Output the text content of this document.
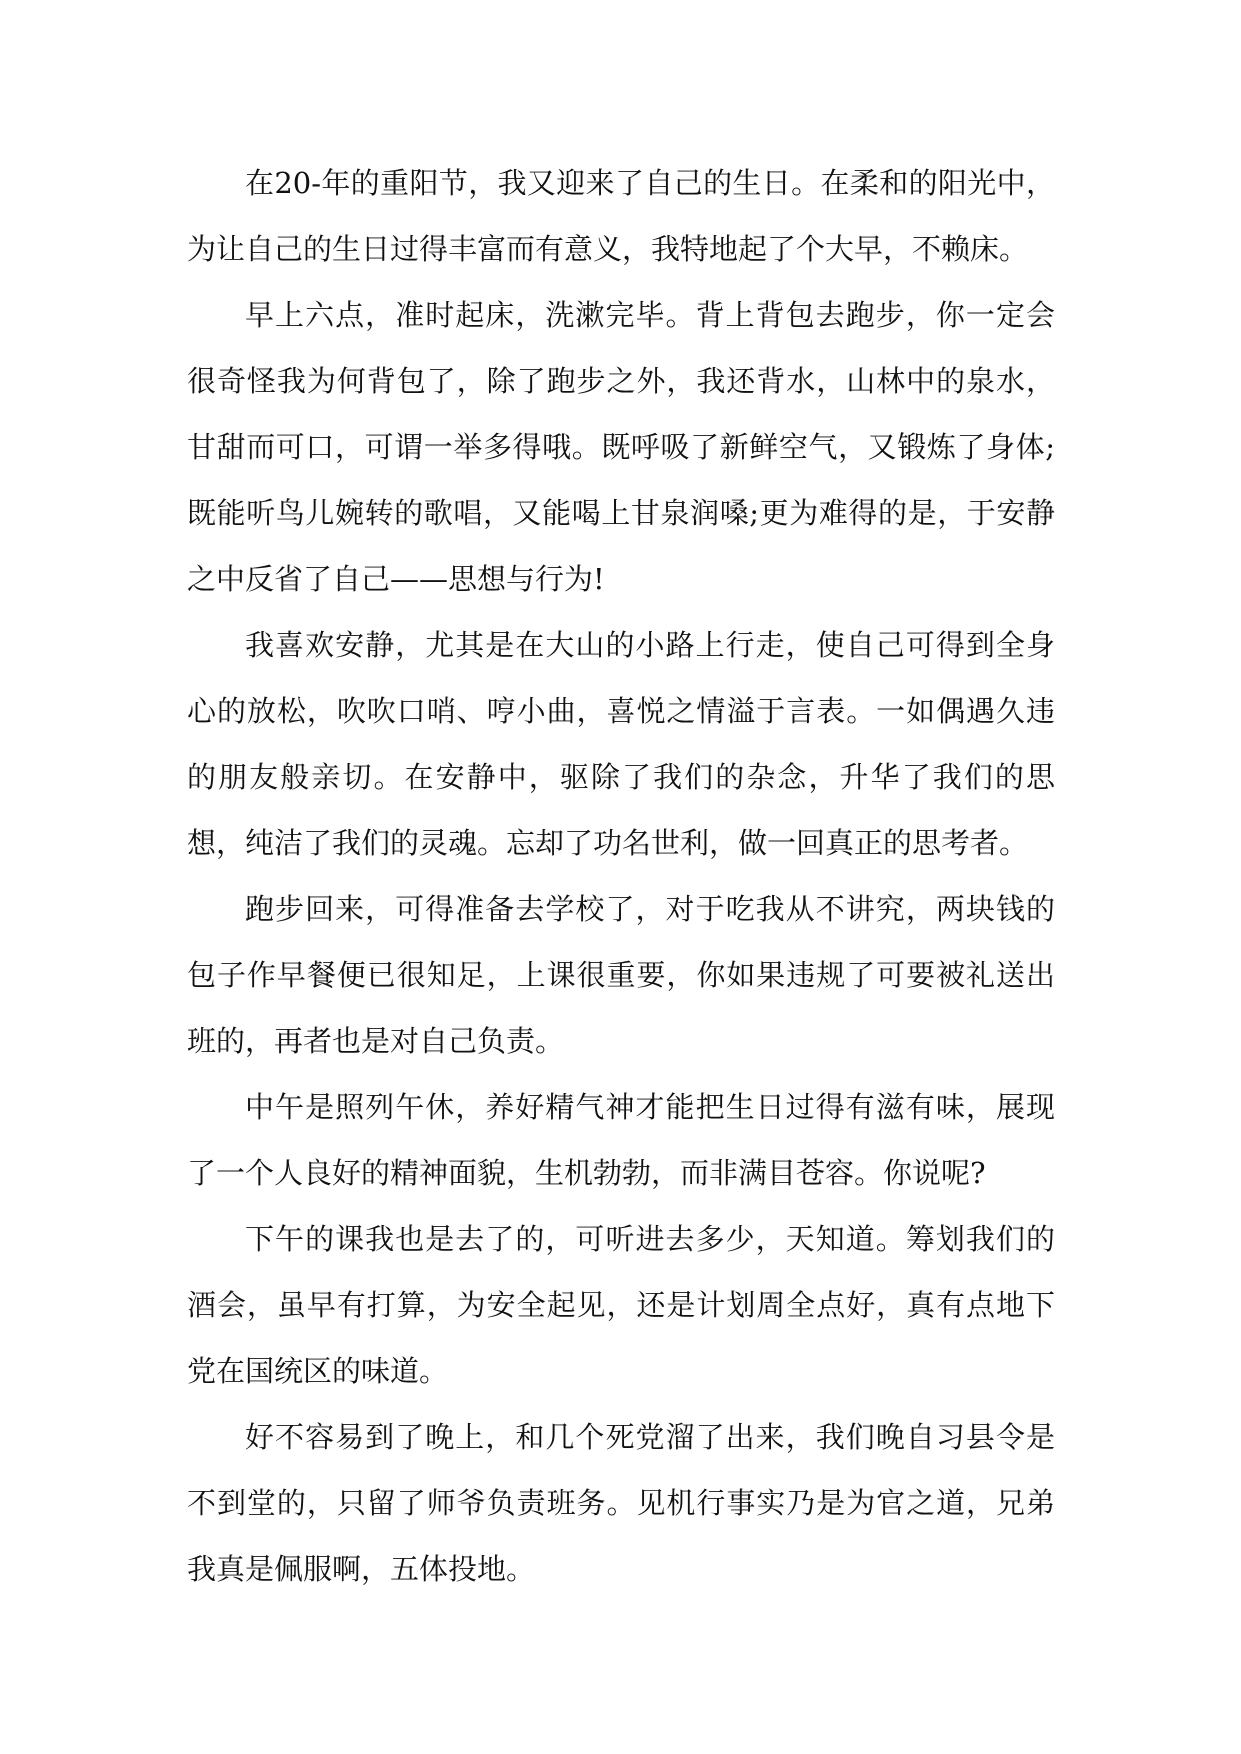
在20-年的重阳节，我又迎来了自己的生日。在柔和的阳光中，为让自己的生日过得丰富而有意义，我特地起了个大早，不赖床。

早上六点，准时起床，洗漱完毕。背上背包去跑步，你一定会很奇怪我为何背包了，除了跑步之外，我还背水，山林中的泉水，甘甜而可口，可谓一举多得哦。既呼吸了新鲜空气，又锻炼了身体;既能听鸟儿婉转的歌唱，又能喝上甘泉润嗓;更为难得的是，于安静之中反省了自己——思想与行为!

我喜欢安静，尤其是在大山的小路上行走，使自己可得到全身心的放松，吹吹口哨、哼小曲，喜悦之情溢于言表。一如偶遇久违的朋友般亲切。在安静中，驱除了我们的杂念，升华了我们的思想，纯洁了我们的灵魂。忘却了功名世利，做一回真正的思考者。

跑步回来，可得准备去学校了，对于吃我从不讲究，两块钱的包子作早餐便已很知足，上课很重要，你如果违规了可要被礼送出班的，再者也是对自己负责。

中午是照列午休，养好精气神才能把生日过得有滋有味，展现了一个人良好的精神面貌，生机勃勃，而非满目苍容。你说呢?

下午的课我也是去了的，可听进去多少，天知道。筹划我们的酒会，虽早有打算，为安全起见，还是计划周全点好，真有点地下党在国统区的味道。

好不容易到了晚上，和几个死党溜了出来，我们晚自习县令是不到堂的，只留了师爷负责班务。见机行事实乃是为官之道，兄弟我真是佩服啊，五体投地。
